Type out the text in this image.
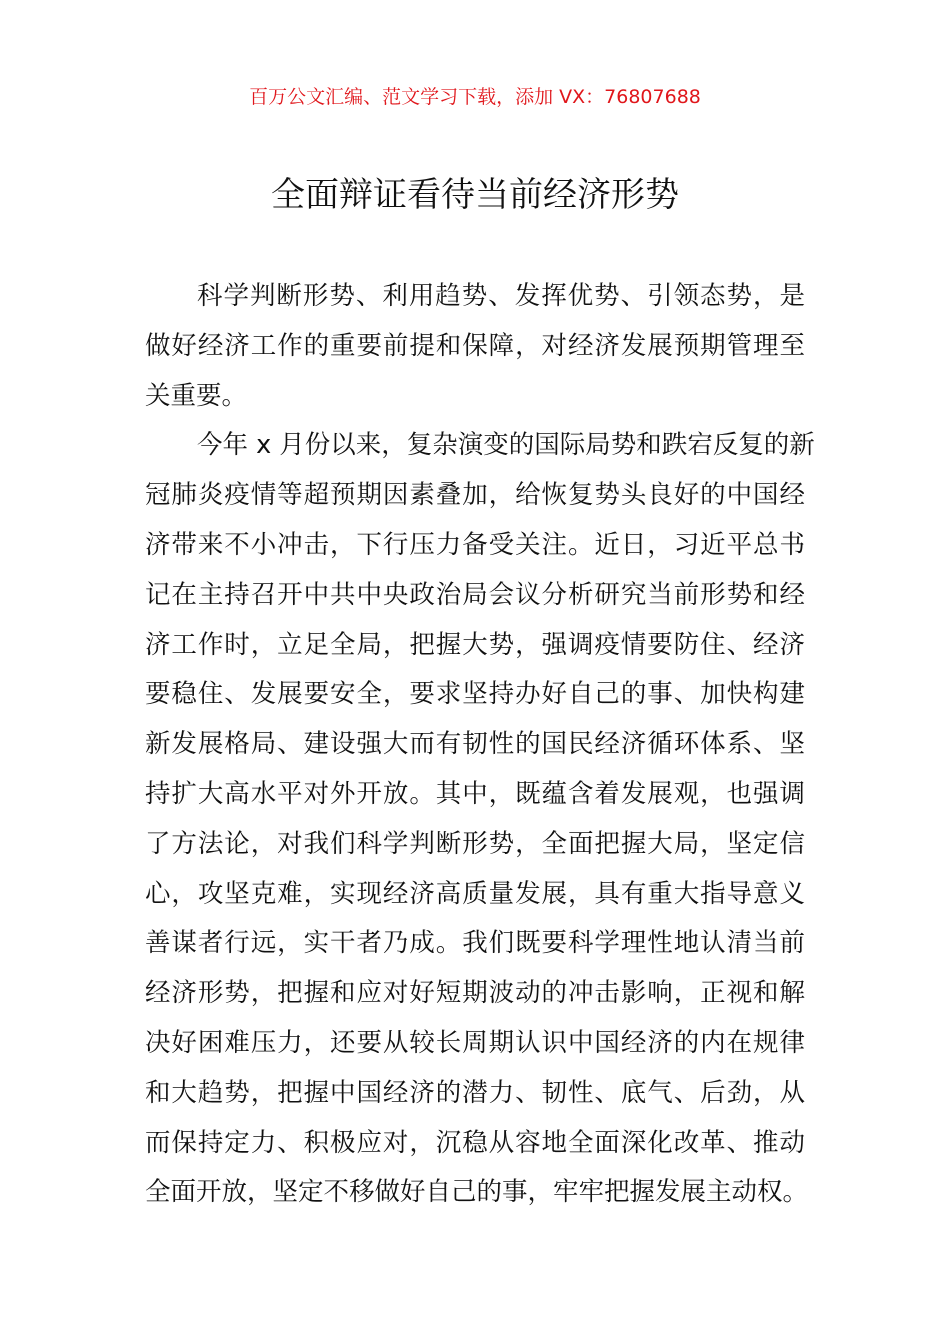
百万公文汇编、范文学习下载，添加 VX：76807688
全面辩证看待当前经济形势
科学判断形势、利用趋势、发挥优势、引领态势，是
做好经济工作的重要前提和保障，对经济发展预期管理至
关重要。
今年 x 月份以来，复杂演变的国际局势和跌宕反复的新
冠肺炎疫情等超预期因素叠加，给恢复势头良好的中国经
济带来不小冲击，下行压力备受关注。近日，习近平总书
记在主持召开中共中央政治局会议分析研究当前形势和经
济工作时，立足全局，把握大势，强调疫情要防住、经济
要稳住、发展要安全，要求坚持办好自己的事、加快构建
新发展格局、建设强大而有韧性的国民经济循环体系、坚
持扩大高水平对外开放。其中，既蕴含着发展观，也强调
了方法论，对我们科学判断形势，全面把握大局，坚定信
心，攻坚克难，实现经济高质量发展，具有重大指导意义
善谋者行远，实干者乃成。我们既要科学理性地认清当前
经济形势，把握和应对好短期波动的冲击影响，正视和解
决好困难压力，还要从较长周期认识中国经济的内在规律
和大趋势，把握中国经济的潜力、韧性、底气、后劲，从
而保持定力、积极应对，沉稳从容地全面深化改革、推动
全面开放，坚定不移做好自己的事，牢牢把握发展主动权。
